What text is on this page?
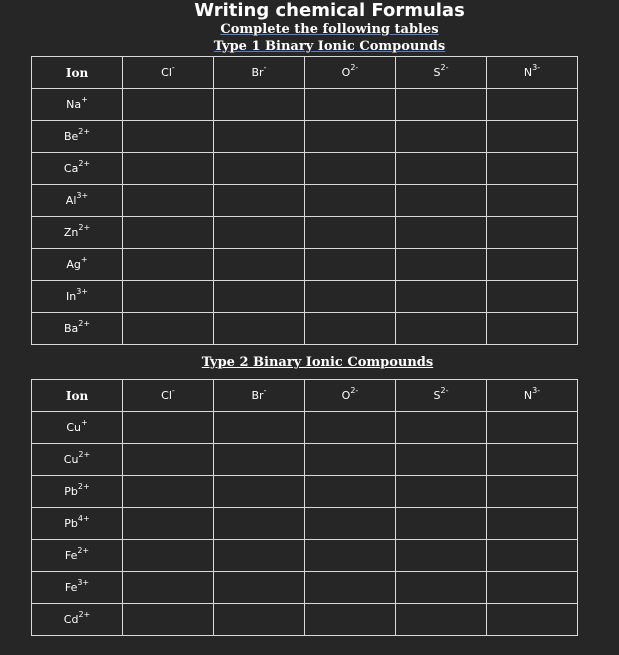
Writing chemical Formulas
Complete the following tables
Type 1 Binary Ionic Compounds
Ion	Cl-	Br-	$O^{2-}$	$S^{2-}$	$N^{3-}$
Na+					
$Be^{2+}$					
$Ca^{2+}$					
$Al^{3+}$					
$Zn^{2+}$					
Ag+					
$In^{3+}$					
$Ba^{2+}$					
Type 2 Binary Ionic Compounds
Ion	Cl-	Br-	$O^{2-}$	$S^{2-}$	$N^{3-}$
Cu+					
$Cu^{2+}$					
$Pb^{2+}$					
$Pb^{4+}$					
$Fe^{2+}$					
$Fe^{3+}$					
$Cd^{2+}$					
